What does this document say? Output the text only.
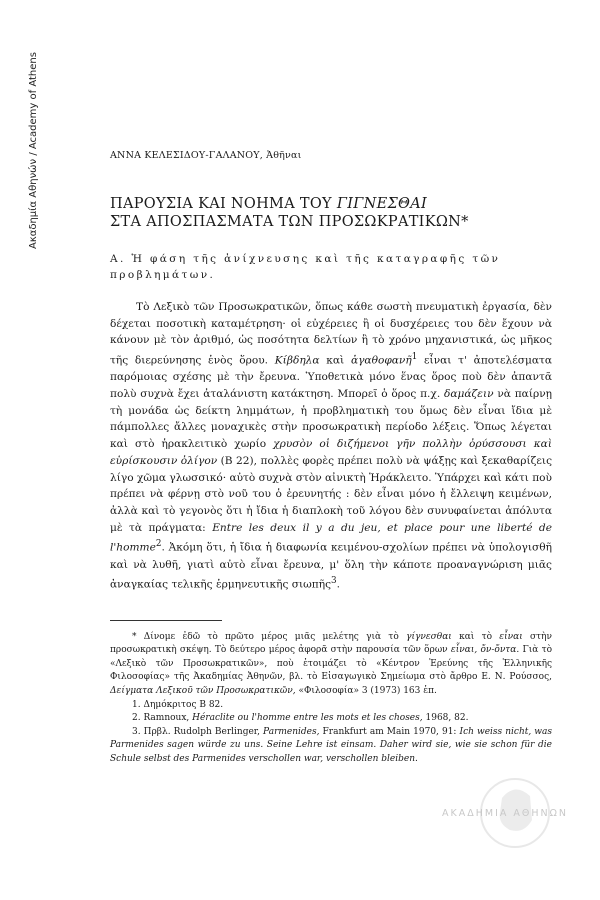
Ακαδημία Αθηνών / Academy of Athens	ΑΝΝΑ ΚΕΛΕΣΙΔΟΥ-ΓΑΛΑΝΟΥ, Ἀθῆναι
ΠΑΡΟΥΣΙΑ ΚΑΙ ΝΟΗΜΑ ΤΟΥ ΓΙΓΝΕΣΘΑΙ
ΣΤΑ ΑΠΟΣΠΑΣΜΑΤΑ ΤΩΝ ΠΡΟΣΩΚΡΑΤΙΚΩΝ*
Α. Ἡ φάση τῆς ἀνίχνευσης καὶ τῆς καταγραφῆς τῶν προβλημάτων.

Τὸ Λεξικὸ τῶν Προσωκρατικῶν, ὅπως κάθε σωστὴ πνευματικὴ ἐργασία, δὲν δέχεται ποσοτικὴ καταμέτρηση· οἱ εὐχέρειες ἢ οἱ δυσχέρειες του δὲν ἔχουν νὰ κάνουν μὲ τὸν ἀριθμό, ὡς ποσότητα δελτίων ἢ τὸ χρόνο μηχανιστικά, ὡς μῆκος τῆς διερεύνησης ἑνὸς ὅρου. Κίβδηλα καὶ ἀγαθοφανῆ$^1$ εἶναι τ' ἀποτελέσματα παρόμοιας σχέσης μὲ τὴν ἔρευνα. Ὑποθετικὰ μόνο ἕνας ὅρος ποὺ δὲν ἀπαντᾶ πολὺ συχνὰ ἔχει ἀταλάνιστη κατάκτηση. Μπορεῖ ὁ ὅρος π.χ. δαμάζειν νὰ παίρνῃ τὴ μονάδα ὡς δείκτη λημμάτων, ἡ προβληματικὴ του ὅμως δὲν εἶναι ἴδια μὲ πάμπολλες ἄλλες μοναχικὲς στὴν προσωκρατικὴ περίοδο λέξεις. Ὅπως λέγεται καὶ στὸ ἡρακλειτικὸ χωρίο χρυσὸν οἱ διζήμενοι γῆν πολλὴν ὀρύσσουσι καὶ εὑρίσκουσιν ὀλίγον (Β 22), πολλὲς φορὲς πρέπει πολὺ νὰ ψάξῃς καὶ ξεκαθαρίζεις λίγο χῶμα γλωσσικό· αὐτὸ συχνὰ στὸν αἰνικτὴ Ἡράκλειτο. Ὑπάρχει καὶ κάτι ποὺ πρέπει νὰ φέρνῃ στὸ νοῦ του ὁ ἐρευνητής : δὲν εἶναι μόνο ἡ ἔλλειψη κειμένων, ἀλλὰ καὶ τὸ γεγονὸς ὅτι ἡ ἴδια ἡ διαπλοκὴ τοῦ λόγου δὲν συνυφαίνεται ἀπόλυτα μὲ τὰ πράγματα: Entre les deux il y a du jeu, et place pour une liberté de l'homme$^2$. Ἀκόμη ὅτι, ἡ ἴδια ἡ διαφωνία κειμένου-σχολίων πρέπει νὰ ὑπολογισθῆ καὶ νὰ λυθῆ, γιατὶ αὐτὸ εἶναι ἔρευνα, μ' ὅλη τὴν κάποτε προαναγνώριση μιᾶς ἀναγκαίας τελικῆς ἑρμηνευτικῆς σιωπῆς$^3$.

* Δίνομε ἐδῶ τὸ πρῶτο μέρος μιᾶς μελέτης γιὰ τὸ γίγνεσθαι καὶ τὸ εἶναι στὴν προσωκρατικὴ σκέψη. Τὸ δεύτερο μέρος ἀφορᾶ στὴν παρουσία τῶν ὅρων εἶναι, ὄν-ὄντα. Γιὰ τὸ «Λεξικὸ τῶν Προσωκρατικῶν», ποὺ ἑτοιμάζει τὸ «Κέντρον Ἐρεύνης τῆς Ἑλληνικῆς Φιλοσοφίας» τῆς Ἀκαδημίας Ἀθηνῶν, βλ. τὸ Εἰσαγωγικὸ Σημείωμα στὸ ἄρθρο Ε. Ν. Ρούσσος, Δείγματα Λεξικοῦ τῶν Προσωκρατικῶν, «Φιλοσοφία» 3 (1973) 163 ἑπ.

1. Δημόκριτος Β 82.

2. Ramnoux, Héraclite ou l'homme entre les mots et les choses, 1968, 82.

3. Πρβλ. Rudolph Berlinger, Parmenides, Frankfurt am Main 1970, 91: Ich weiss nicht, was Parmenides sagen würde zu uns. Seine Lehre ist einsam. Daher wird sie, wie sie schon für die Schule selbst des Parmenides verschollen war, verschollen bleiben.

ΑΚΑΔΗΜΙΑ ΑΘΗΝΩΝ
